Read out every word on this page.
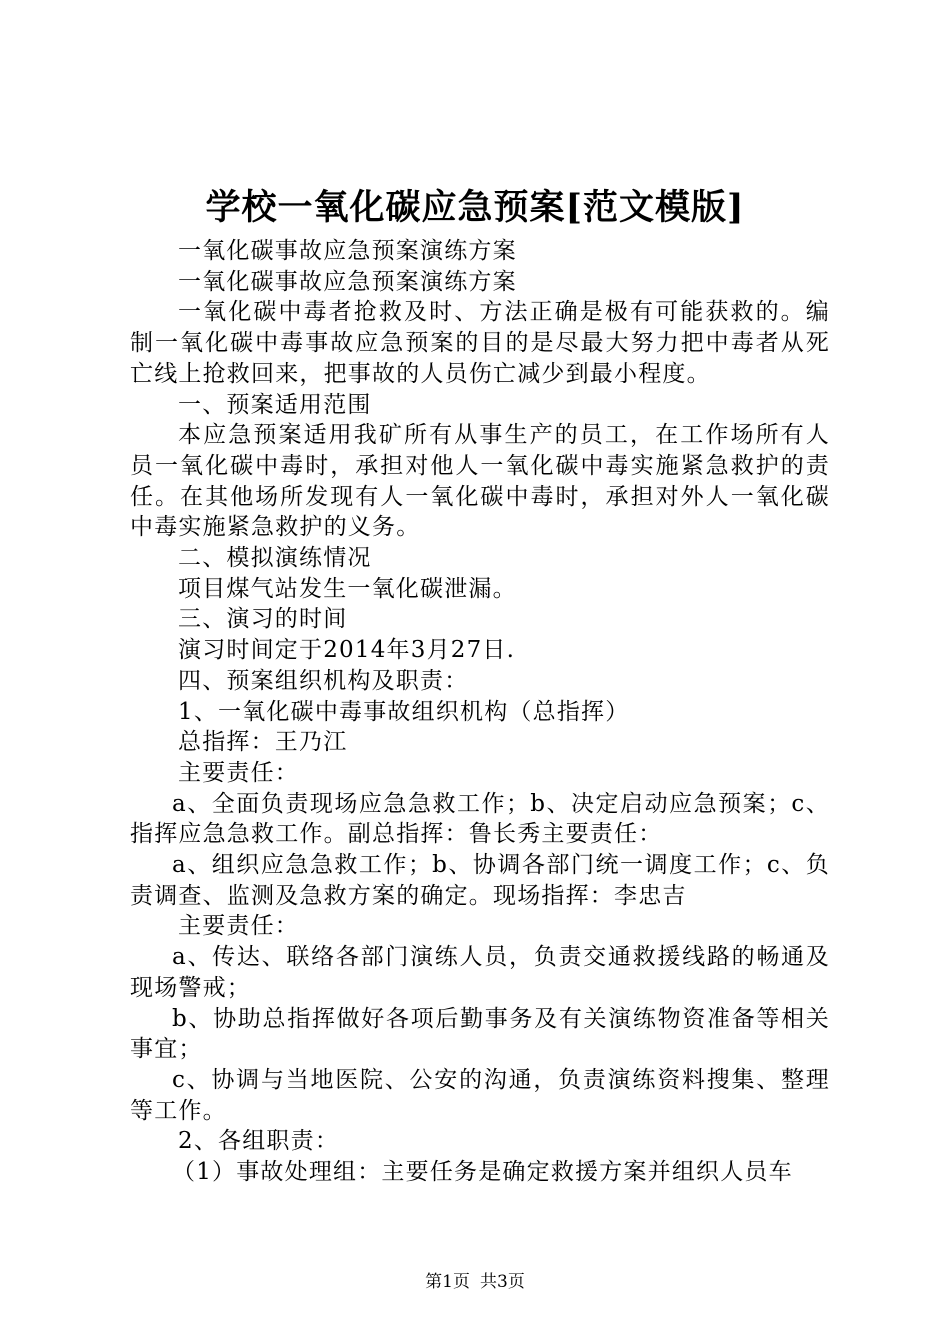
学校一氧化碳应急预案[范文模版]

一氧化碳事故应急预案演练方案

一氧化碳事故应急预案演练方案

一氧化碳中毒者抢救及时、方法正确是极有可能获救的。编制一氧化碳中毒事故应急预案的目的是尽最大努力把中毒者从死亡线上抢救回来，把事故的人员伤亡减少到最小程度。

一、预案适用范围

本应急预案适用我矿所有从事生产的员工，在工作场所有人员一氧化碳中毒时，承担对他人一氧化碳中毒实施紧急救护的责任。在其他场所发现有人一氧化碳中毒时，承担对外人一氧化碳中毒实施紧急救护的义务。

二、模拟演练情况

项目煤气站发生一氧化碳泄漏。

三、演习的时间

演习时间定于2014年3月27日.

四、预案组织机构及职责：

1、一氧化碳中毒事故组织机构（总指挥）

总指挥：王乃江

主要责任：

a、全面负责现场应急急救工作；b、决定启动应急预案；c、指挥应急急救工作。副总指挥：鲁长秀主要责任：

a、组织应急急救工作；b、协调各部门统一调度工作；c、负责调查、监测及急救方案的确定。现场指挥：李忠吉

主要责任：

a、传达、联络各部门演练人员，负责交通救援线路的畅通及现场警戒；

b、协助总指挥做好各项后勤事务及有关演练物资准备等相关事宜；

c、协调与当地医院、公安的沟通，负责演练资料搜集、整理等工作。

2、各组职责：

（1）事故处理组：主要任务是确定救援方案并组织人员车

第1页 共3页
